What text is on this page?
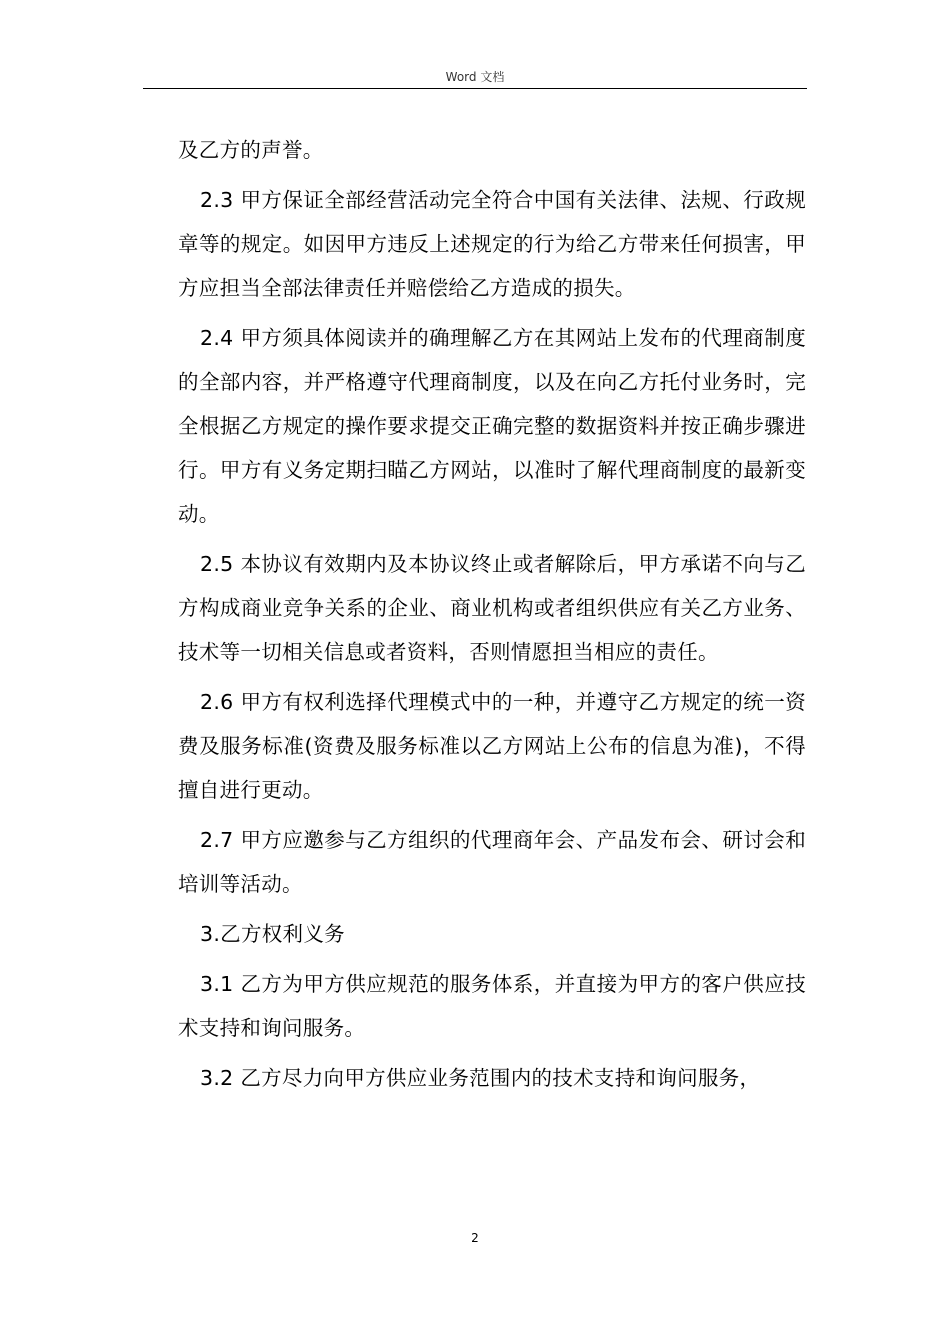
Word 文档

及乙方的声誉。

2.3 甲方保证全部经营活动完全符合中国有关法律、法规、行政规章等的规定。如因甲方违反上述规定的行为给乙方带来任何损害，甲方应担当全部法律责任并赔偿给乙方造成的损失。

2.4 甲方须具体阅读并的确理解乙方在其网站上发布的代理商制度的全部内容，并严格遵守代理商制度，以及在向乙方托付业务时，完全根据乙方规定的操作要求提交正确完整的数据资料并按正确步骤进行。甲方有义务定期扫瞄乙方网站，以准时了解代理商制度的最新变动。

2.5 本协议有效期内及本协议终止或者解除后，甲方承诺不向与乙方构成商业竞争关系的企业、商业机构或者组织供应有关乙方业务、技术等一切相关信息或者资料，否则情愿担当相应的责任。

2.6 甲方有权利选择代理模式中的一种，并遵守乙方规定的统一资费及服务标准(资费及服务标准以乙方网站上公布的信息为准)，不得擅自进行更动。

2.7 甲方应邀参与乙方组织的代理商年会、产品发布会、研讨会和培训等活动。

3.乙方权利义务

3.1 乙方为甲方供应规范的服务体系，并直接为甲方的客户供应技术支持和询问服务。

3.2 乙方尽力向甲方供应业务范围内的技术支持和询问服务，

2
